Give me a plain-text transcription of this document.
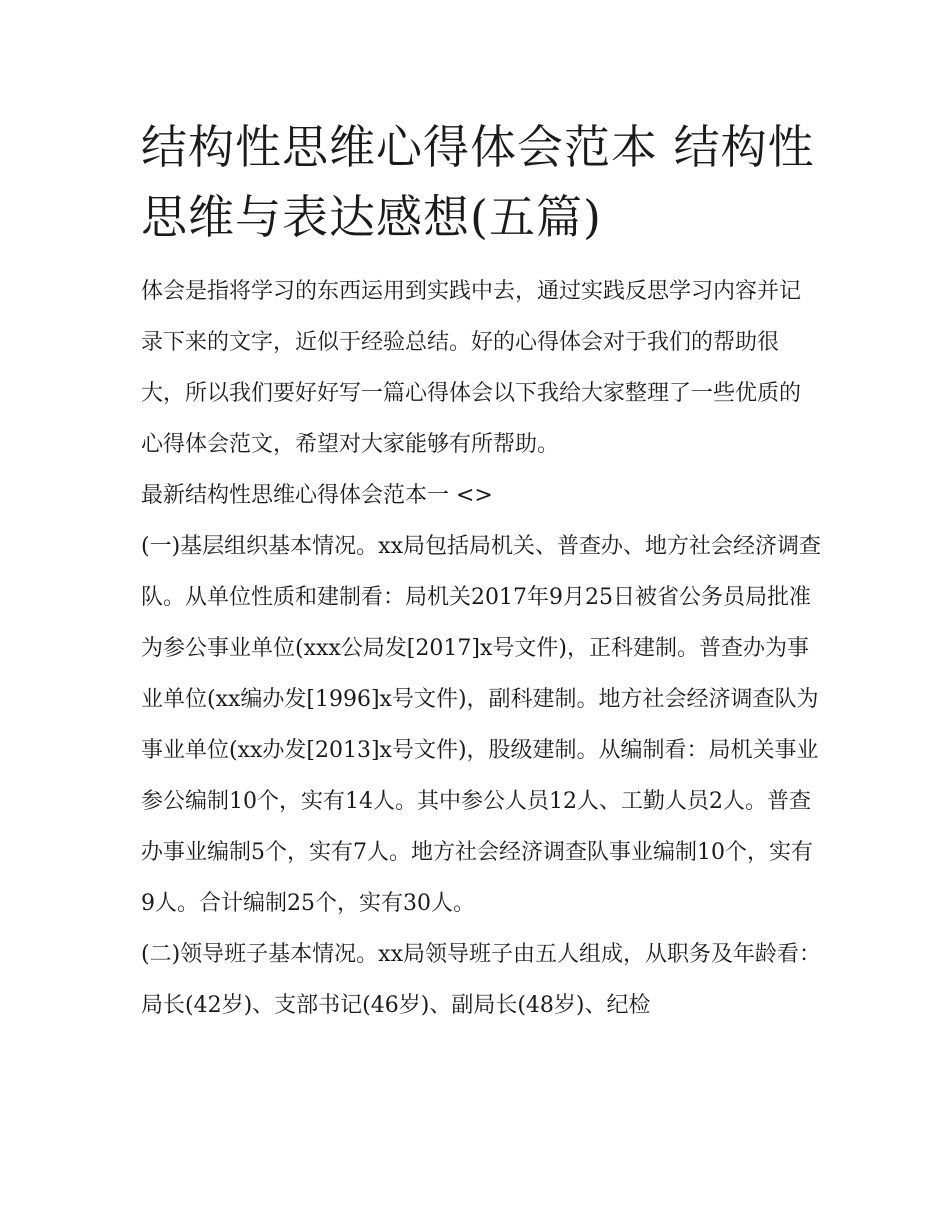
结构性思维心得体会范本 结构性思维与表达感想(五篇)

体会是指将学习的东西运用到实践中去，通过实践反思学习内容并记录下来的文字，近似于经验总结。好的心得体会对于我们的帮助很大，所以我们要好好写一篇心得体会以下我给大家整理了一些优质的心得体会范文，希望对大家能够有所帮助。

最新结构性思维心得体会范本一 <>

(一)基层组织基本情况。xx局包括局机关、普查办、地方社会经济调查队。从单位性质和建制看：局机关2017年9月25日被省公务员局批准为参公事业单位(xxx公局发[2017]x号文件)，正科建制。普查办为事业单位(xx编办发[1996]x号文件)，副科建制。地方社会经济调查队为事业单位(xx办发[2013]x号文件)，股级建制。从编制看：局机关事业参公编制10个，实有14人。其中参公人员12人、工勤人员2人。普查办事业编制5个，实有7人。地方社会经济调查队事业编制10个，实有9人。合计编制25个，实有30人。

(二)领导班子基本情况。xx局领导班子由五人组成，从职务及年龄看：局长(42岁)、支部书记(46岁)、副局长(48岁)、纪检
